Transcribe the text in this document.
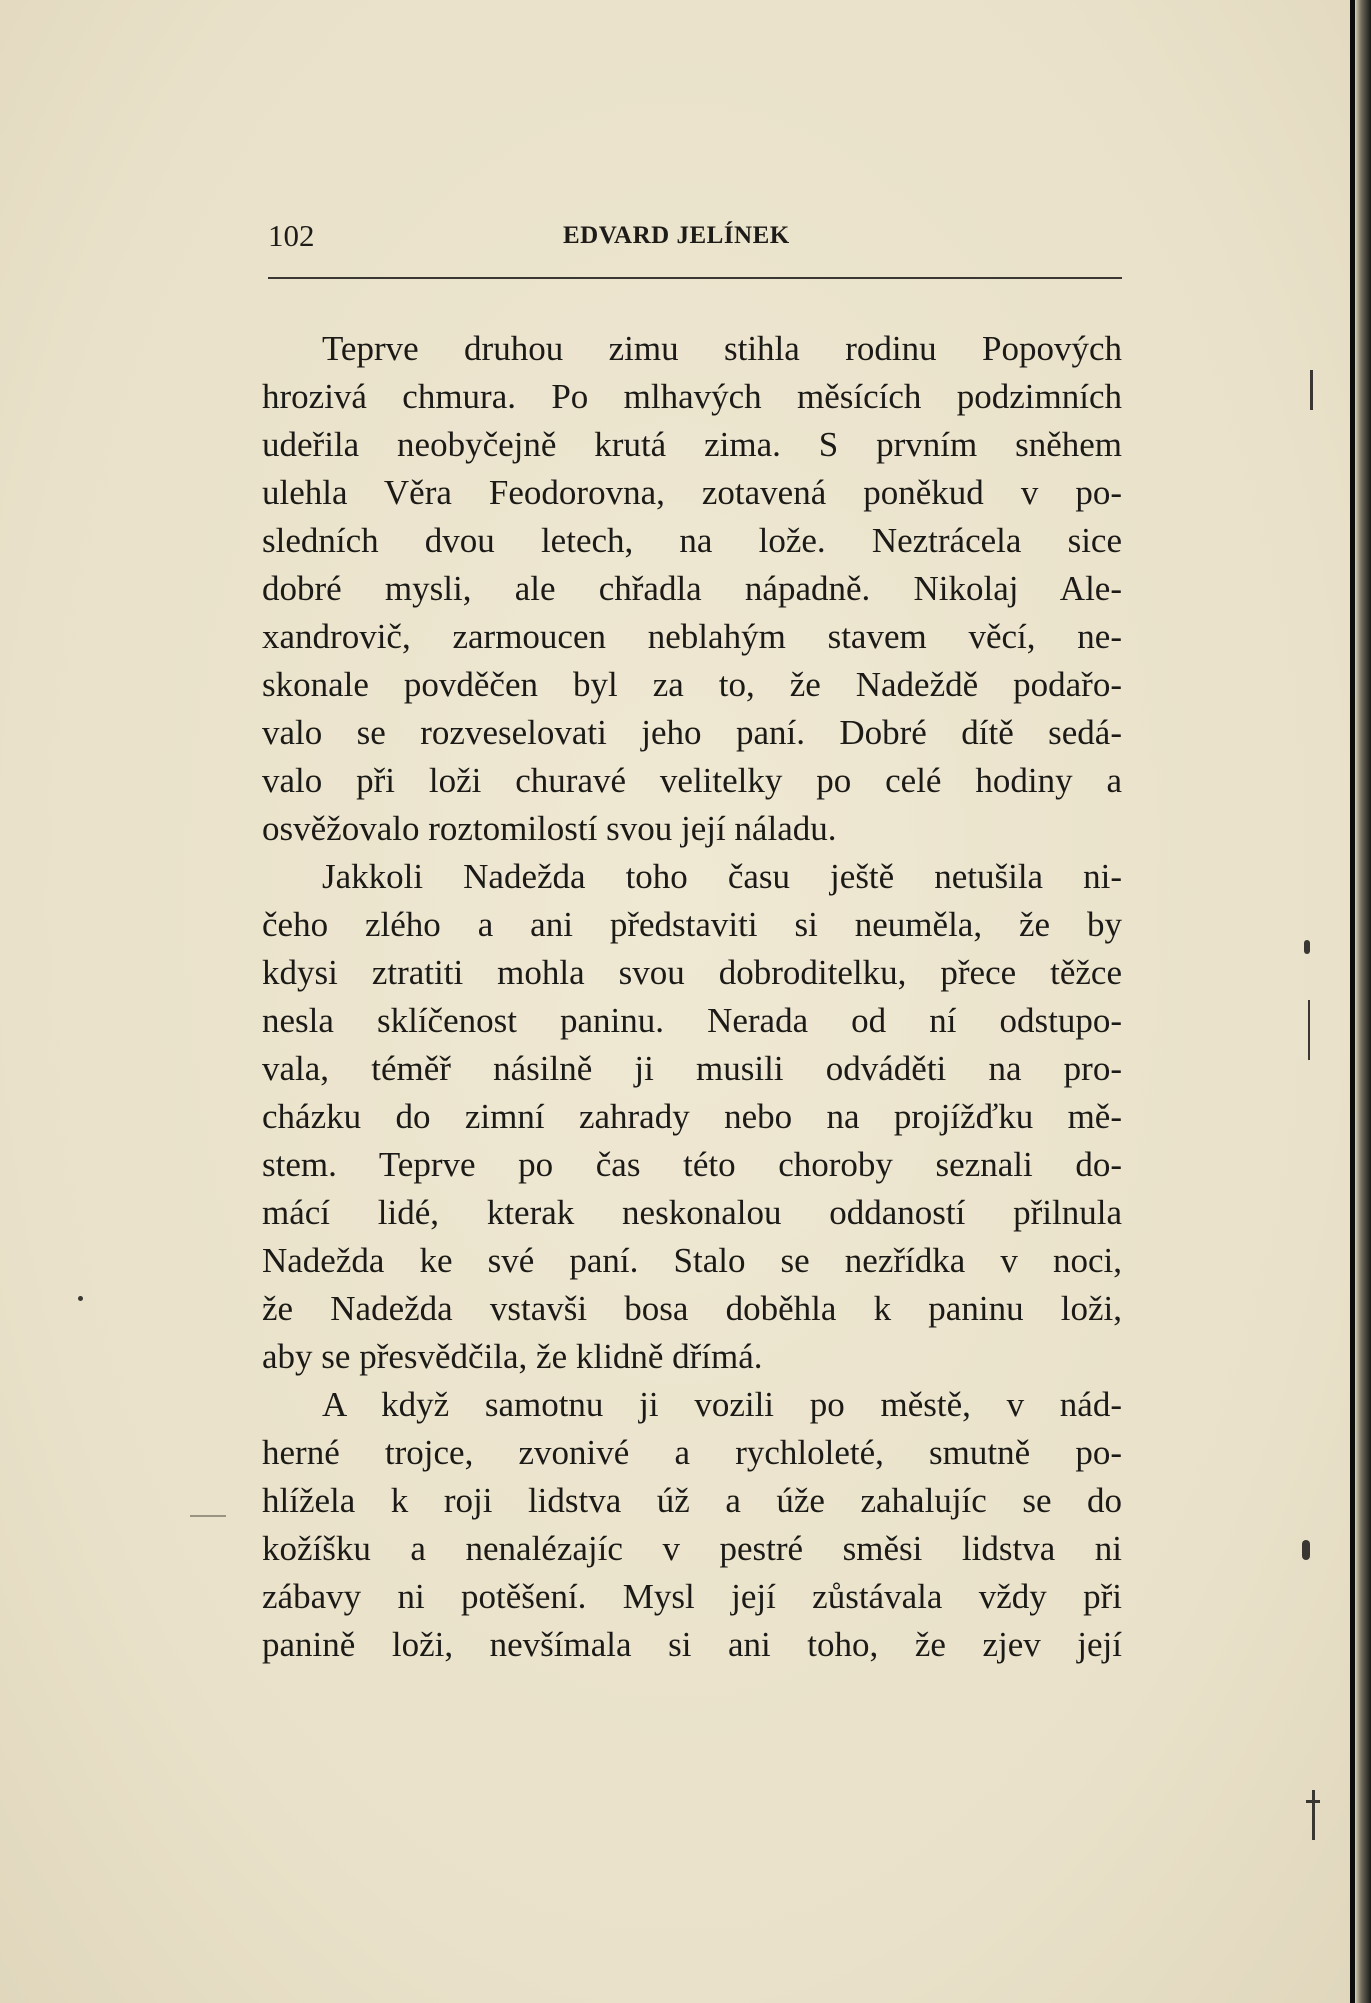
102	EDVARD JELÍNEK
Teprve druhou zimu stihla rodinu Popových
hrozivá chmura. Po mlhavých měsících podzimních
udeřila neobyčejně krutá zima. S prvním sněhem
ulehla Věra Feodorovna, zotavená poněkud v po-
sledních dvou letech, na lože. Neztrácela sice
dobré mysli, ale chřadla nápadně. Nikolaj Ale-
xandrovič, zarmoucen neblahým stavem věcí, ne-
skonale povděčen byl za to, že Nadeždě podařo-
valo se rozveselovati jeho paní. Dobré dítě sedá-
valo při loži churavé velitelky po celé hodiny a
osvěžovalo roztomilostí svou její náladu.
Jakkoli Nadežda toho času ještě netušila ni-
čeho zlého a ani představiti si neuměla, že by
kdysi ztratiti mohla svou dobroditelku, přece těžce
nesla sklíčenost paninu. Nerada od ní odstupo-
vala, téměř násilně ji musili odváděti na pro-
cházku do zimní zahrady nebo na projížďku mě-
stem. Teprve po čas této choroby seznali do-
mácí lidé, kterak neskonalou oddaností přilnula
Nadežda ke své paní. Stalo se nezřídka v noci,
že Nadežda vstavši bosa doběhla k paninu loži,
aby se přesvědčila, že klidně dřímá.
A když samotnu ji vozili po městě, v nád-
herné trojce, zvonivé a rychloleté, smutně po-
hlížela k roji lidstva úž a úže zahalujíc se do
kožíšku a nenalézajíc v pestré směsi lidstva ni
zábavy ni potěšení. Mysl její zůstávala vždy při
panině loži, nevšímala si ani toho, že zjev její
